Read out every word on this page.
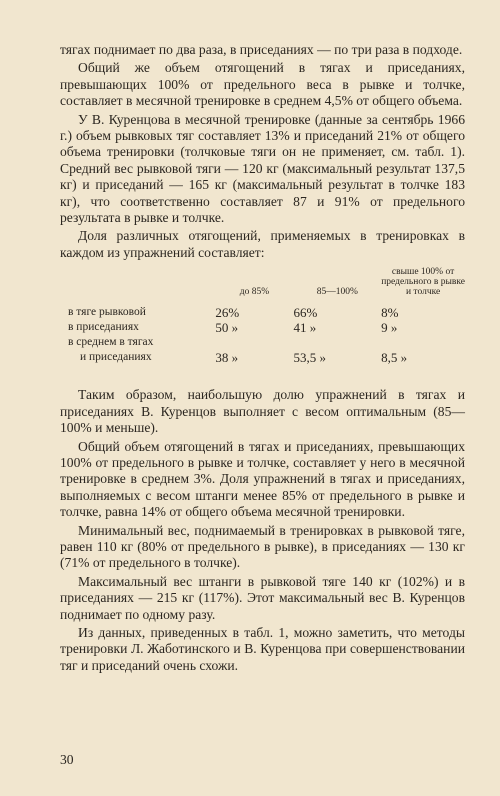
тягах поднимает по два раза, в приседаниях — по три раза в подходе.

Общий же объем отягощений в тягах и приседаниях, превышающих 100% от предельного веса в рывке и толчке, составляет в месячной тренировке в среднем 4,5% от общего объема.

У В. Куренцова в месячной тренировке (данные за сентябрь 1966 г.) объем рывковых тяг составляет 13% и приседаний 21% от общего объема тренировки (толчковые тяги он не применяет, см. табл. 1). Средний вес рывковой тяги — 120 кг (максимальный результат 137,5 кг) и приседаний — 165 кг (максимальный результат в толчке 183 кг), что соответственно составляет 87 и 91% от предельного результата в рывке и толчке.

Доля различных отягощений, применяемых в тренировках в каждом из упражнений составляет:

	до 85%	85—100%	свыше 100% от предельного в рывке и толчке
в тяге рывковой	26%	66%	8%
в приседаниях	50 »	41 »	9 »

в среднем в тягах
и приседаниях	38 »	53,5 »	8,5 »

Таким образом, наибольшую долю упражнений в тягах и приседаниях В. Куренцов выполняет с весом оптимальным (85—100% и меньше).

Общий объем отягощений в тягах и приседаниях, превышающих 100% от предельного в рывке и толчке, составляет у него в месячной тренировке в среднем 3%. Доля упражнений в тягах и приседаниях, выполняемых с весом штанги менее 85% от предельного в рывке и толчке, равна 14% от общего объема месячной тренировки.

Минимальный вес, поднимаемый в тренировках в рывковой тяге, равен 110 кг (80% от предельного в рывке), в приседаниях — 130 кг (71% от предельного в толчке).

Максимальный вес штанги в рывковой тяге 140 кг (102%) и в приседаниях — 215 кг (117%). Этот максимальный вес В. Куренцов поднимает по одному разу.

Из данных, приведенных в табл. 1, можно заметить, что методы тренировки Л. Жаботинского и В. Куренцова при совершенствовании тяг и приседаний очень схожи.

30
